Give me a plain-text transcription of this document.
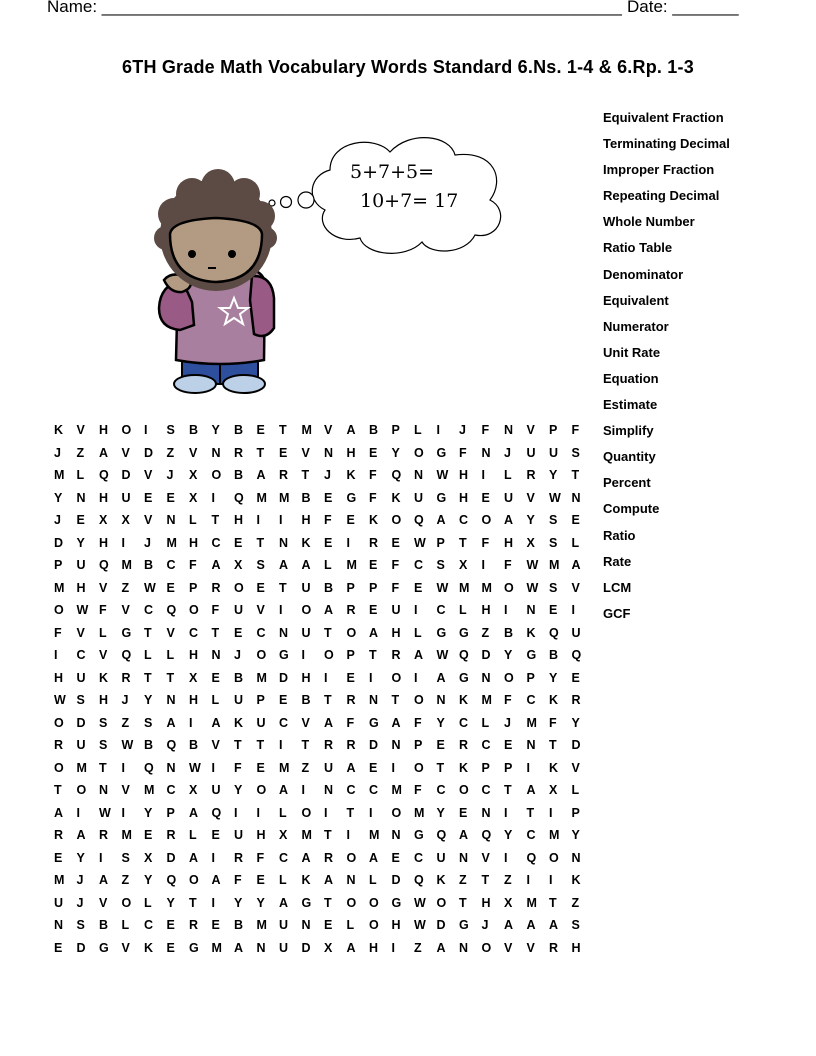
Name: _______________________________________________________ Date: _______
6TH Grade Math Vocabulary Words Standard 6.Ns. 1-4 & 6.Rp. 1-3
5+7+5=
10+7= 17
Equivalent Fraction
Terminating Decimal
Improper Fraction
Repeating Decimal
Whole Number
Ratio Table
Denominator
Equivalent
Numerator
Unit Rate
Equation
Estimate
Simplify
Quantity
Percent
Compute
Ratio
Rate
LCM
GCF
K	V	H	O	I	S	B	Y	B	E	T	M V	A	B	P	L	I	J	F	N	V	P	F
J	Z	A	V	D	Z	V	N	R	T	E	V	N	H	E	Y	O	G	F	N	J	U	U	S
M L	Q	D	V	J	X	O	B	A	R	T	J	K	F	Q	N	W H	I	L	R	Y	T
Y	N	H	U	E	E	X	I	Q	M M B	E	G	F	K	U	G	H	E	U	V	W N
J	E	X	X	V	N	L	T	H	I	I	H	F	E	K	O	Q	A	C	O	A	Y	S	E
D	Y	H	I	J	M H	C	E	T	N	K	E	I	R	E	W P	T	F	H	X	S	L
P	U	Q	M B	C	F	A	X	S	A	A	L	M E	F	C	S	X	I	F	W M A
M H	V	Z	W E	P	R	O	E	T	U	B	P	P	F	E	W M M O	W S	V
O	W F	V	C	Q	O	F	U	V	I	O	A	R	E	U	I	C	L	H	I	N	E	I
F	V	L	G	T	V	C	T	E	C	N	U	T	O	A	H	L	G	G	Z	B	K	Q	U
I	C	V	Q	L	L	H	N	J	O	G	I	O	P	T	R	A	W Q	D	Y	G	B	Q
H	U	K	R	T	T	X	E	B	M D	H	I	E	I	O	I	A	G	N	O	P	Y	E
W S	H	J	Y	N	H	L	U	P	E	B	T	R	N	T	O	N	K	M F	C	K	R
O	D	S	Z	S	A	I	A	K	U	C	V	A	F	G	A	F	Y	C	L	J	M F	Y
R	U	S	W B	Q	B	V	T	T	I	T	R	R	D	N	P	E	R	C	E	N	T	D
O	M T	I	Q	N	W I	F	E	M Z	U	A	E	I	O	T	K	P	P	I	K	V
T	O	N	V	M C	X	U	Y	O	A	I	N	C	C	M F	C	O	C	T	A	X	L
A	I	W I	Y	P	A	Q	I	I	L	O	I	T	I	O	M Y	E	N	I	T	I	P
R	A	R	M E	R	L	E	U	H	X	M T	I	M N	G	Q	A	Q	Y	C	M Y
E	Y	I	S	X	D	A	I	R	F	C	A	R	O	A	E	C	U	N	V	I	Q	O	N
M J	A	Z	Y	Q	O	A	F	E	L	K	A	N	L	D	Q	K	Z	T	Z	I	I	K
U	J	V	O	L	Y	T	I	Y	Y	A	G	T	O	O	G	W O	T	H	X	M T	Z
N	S	B	L	C	E	R	E	B	M U	N	E	L	O	H	W D	G	J	A	A	A	S
E	D	G	V	K	E	G	M A	N	U	D	X	A	H	I	Z	A	N	O	V	V	R	H
